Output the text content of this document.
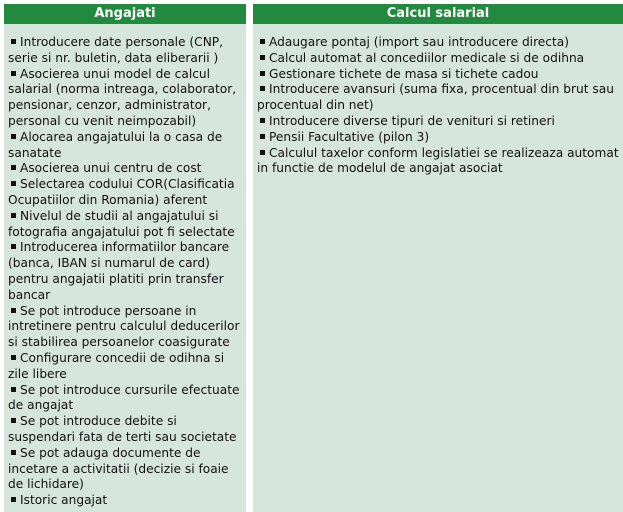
Angajati
Introducere date personale (CNP, serie si nr. buletin, data eliberarii )
Asocierea unui model de calcul salarial (norma intreaga, colaborator, pensionar, cenzor, administrator, personal cu venit neimpozabil)
Alocarea angajatului la o casa de sanatate
Asocierea unui centru de cost
Selectarea codului COR(Clasificatia Ocupatiilor din Romania) aferent
Nivelul de studii al angajatului si fotografia angajatului pot fi selectate
Introducerea informatiilor bancare (banca, IBAN si numarul de card) pentru angajatii platiti prin transfer bancar
Se pot introduce persoane in intretinere pentru calculul deducerilor si stabilirea persoanelor coasigurate
Configurare concedii de odihna si zile libere
Se pot introduce cursurile efectuate de angajat
Se pot introduce debite si suspendari fata de terti sau societate
Se pot adauga documente de incetare a activitatii (decizie si foaie de lichidare)
Istoric angajat
Calcul salarial
Adaugare pontaj (import sau introducere directa)
Calcul automat al concediilor medicale si de odihna
Gestionare tichete de masa si tichete cadou
Introducere avansuri (suma fixa, procentual din brut sau procentual din net)
Introducere diverse tipuri de venituri si retineri
Pensii Facultative (pilon 3)
Calculul taxelor conform legislatiei se realizeaza automat in functie de modelul de angajat asociat
